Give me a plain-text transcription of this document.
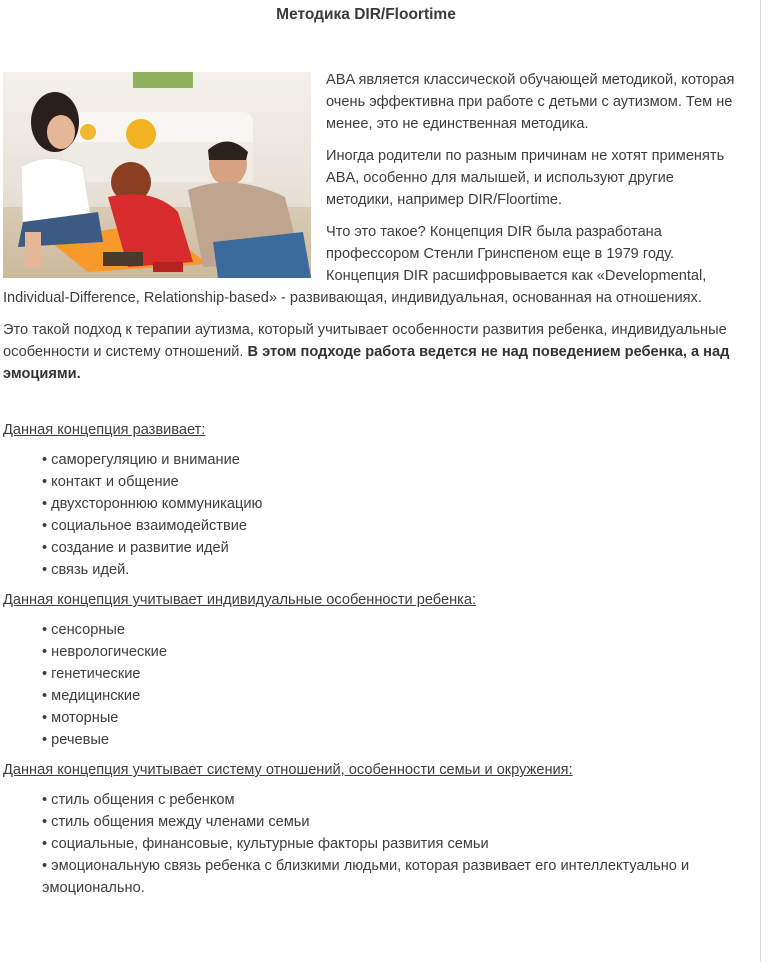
Методика DIR/Floortime

ABA является классической обучающей методикой, которая очень эффективна при работе с детьми с аутизмом. Тем не менее, это не единственная методика.

Иногда родители по разным причинам не хотят применять ABA, особенно для малышей, и используют другие методики, например DIR/Floortime.

Что это такое? Концепция DIR была разработана профессором Стенли Гринспеном еще в 1979 году. Концепция DIR расшифровывается как «Developmental, Individual-Difference, Relationship-based» - развивающая, индивидуальная, основанная на отношениях.

Это такой подход к терапии аутизма, который учитывает особенности развития ребенка, индивидуальные особенности и систему отношений. В этом подходе работа ведется не над поведением ребенка, а над эмоциями.

Данная концепция развивает:

• саморегуляцию и внимание
• контакт и общение
• двухстороннюю коммуникацию
• социальное взаимодействие
• создание и развитие идей
• связь идей.

Данная концепция учитывает индивидуальные особенности ребенка:

• сенсорные
• неврологические
• генетические
• медицинские
• моторные
• речевые

Данная концепция учитывает систему отношений, особенности семьи и окружения:

• стиль общения с ребенком
• стиль общения между членами семьи
• социальные, финансовые, культурные факторы развития семьи
• эмоциональную связь ребенка с близкими людьми, которая развивает его интеллектуально и эмоционально.
